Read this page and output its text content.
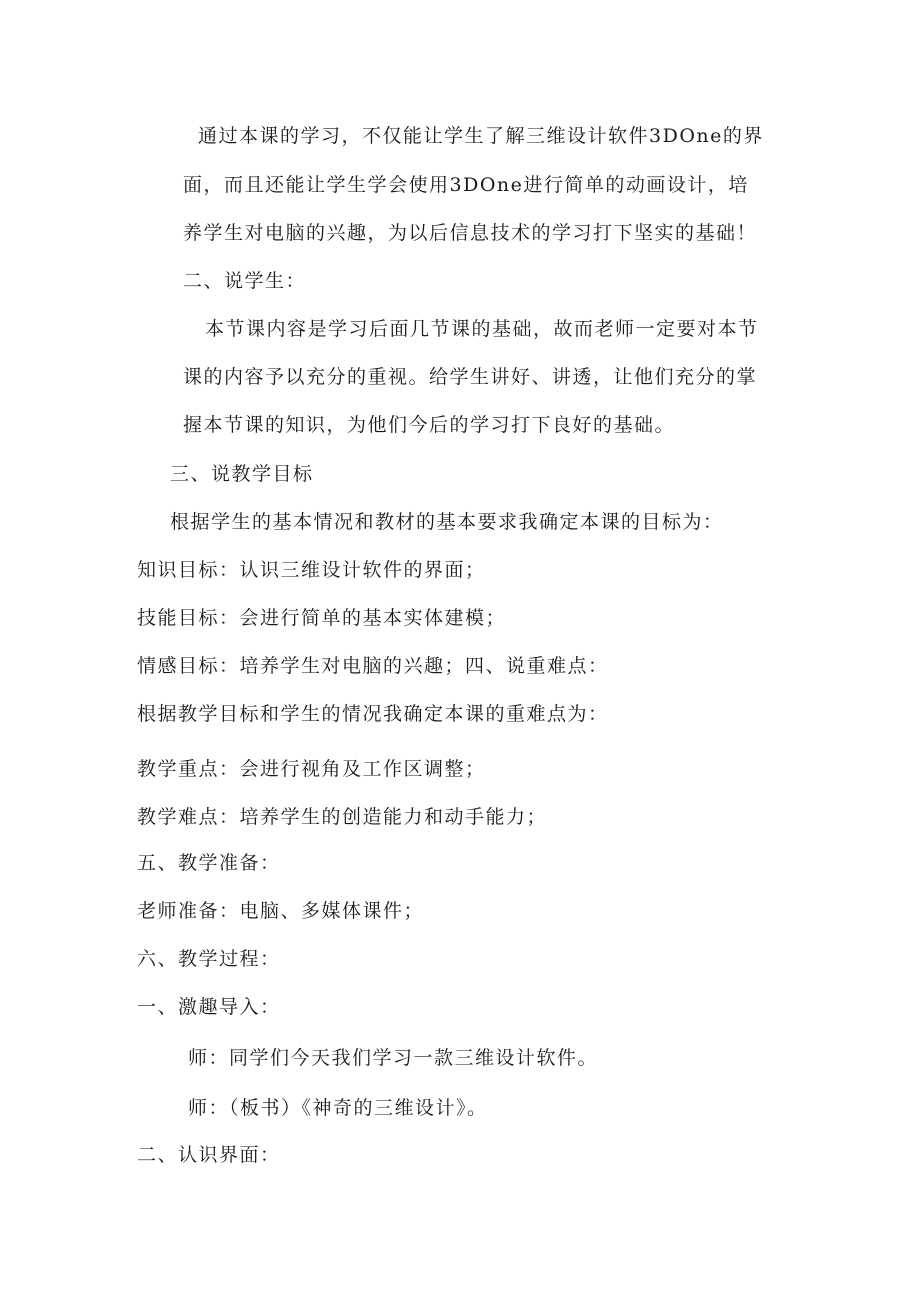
通过本课的学习，不仅能让学生了解三维设计软件3DOne的界
面，而且还能让学生学会使用3DOne进行简单的动画设计，培
养学生对电脑的兴趣，为以后信息技术的学习打下坚实的基础！
二、说学生：
本节课内容是学习后面几节课的基础，故而老师一定要对本节
课的内容予以充分的重视。给学生讲好、讲透，让他们充分的掌
握本节课的知识，为他们今后的学习打下良好的基础。
三、说教学目标
根据学生的基本情况和教材的基本要求我确定本课的目标为：
知识目标：认识三维设计软件的界面；
技能目标：会进行简单的基本实体建模；
情感目标：培养学生对电脑的兴趣；四、说重难点：
根据教学目标和学生的情况我确定本课的重难点为：
教学重点：会进行视角及工作区调整；
教学难点：培养学生的创造能力和动手能力；
五、教学准备：
老师准备：电脑、多媒体课件；
六、教学过程：
一、激趣导入：
师：同学们今天我们学习一款三维设计软件。
师：（板书）《神奇的三维设计》。
二、认识界面：
